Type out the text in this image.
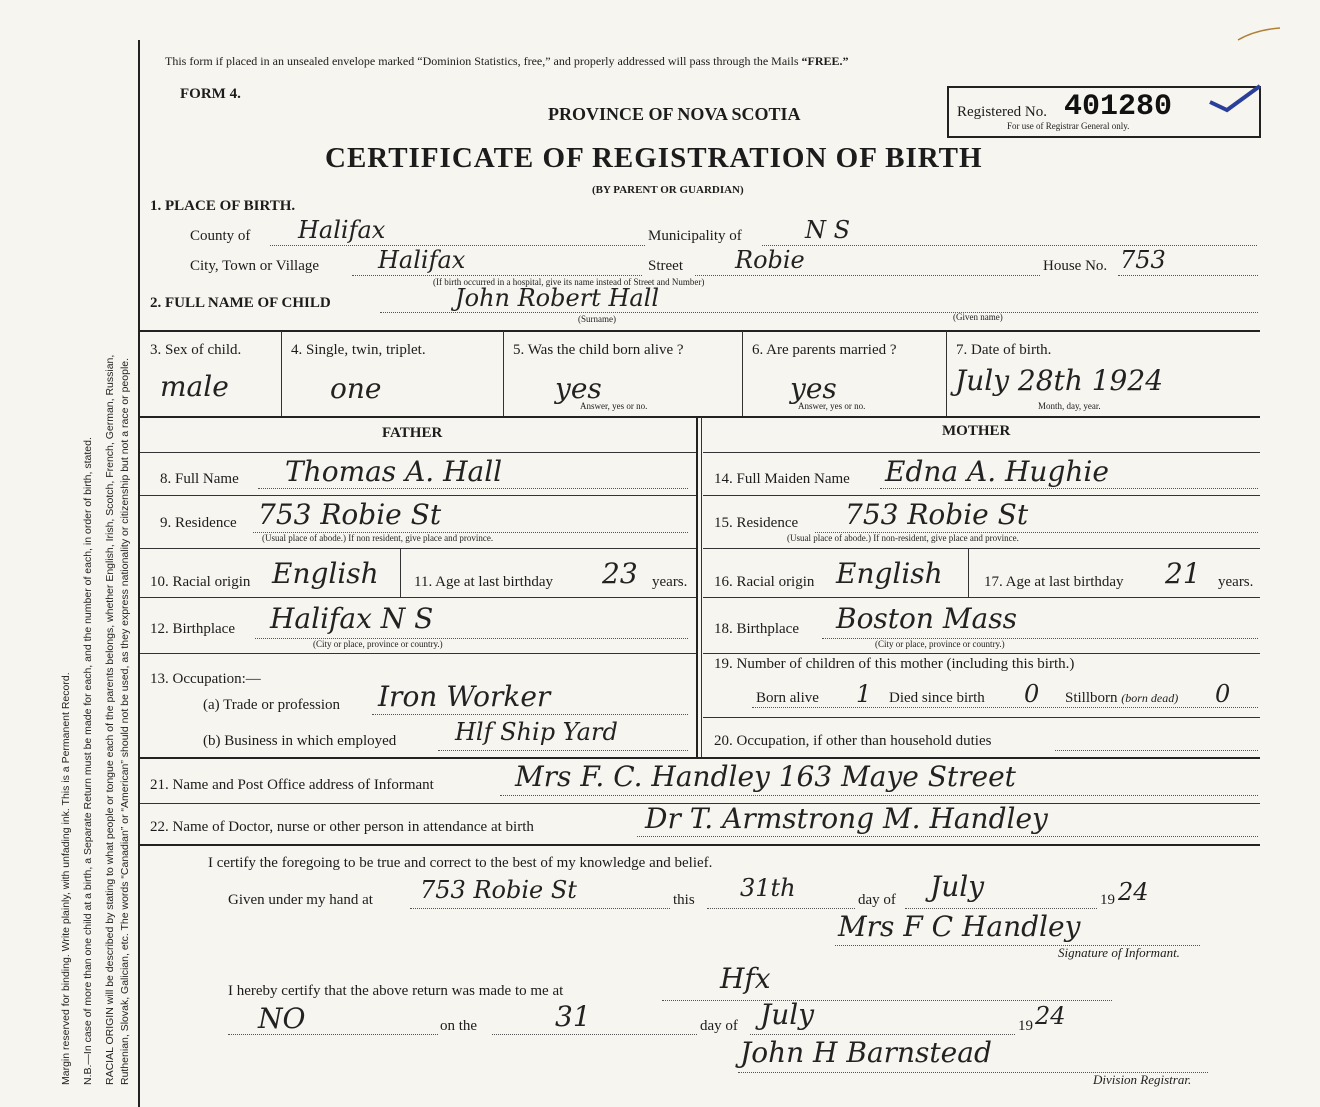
Margin reserved for binding. Write plainly, with unfading ink. This is a Permanent Record. N.B.—In case of more than one child at a birth, a Separate Return must be made for each, and the number of each, in order of birth, stated. RACIAL ORIGIN will be described by stating to what people or tongue each of the parents belongs, whether English, Irish, Scotch, French, German, Russian, Ruthenian, Slovak, Galician, etc. The words “Canadian” or “American” should not be used, as they express nationality or citizenship but not a race or people.
This form if placed in an unsealed envelope marked “Dominion Statistics, free,” and properly addressed will pass through the Mails “FREE.”
FORM 4.
PROVINCE OF NOVA SCOTIA	Registered No. 401280
For use of Registrar General only.
CERTIFICATE OF REGISTRATION OF BIRTH
(BY PARENT OR GUARDIAN)
1. PLACE OF BIRTH.
County of Halifax	Municipality of	N S
City, Town or Village Halifax
(If birth occurred in a hospital, give its name instead of Street and Number)
Street Robie	House No. 753
2. FULL NAME OF CHILD	John Robert Hall
(Surname)	(Given name)
3. Sex of child.
male
4. Single, twin, triplet.
one
5. Was the child born alive ?
yes
Answer, yes or no.
6. Are parents married ?
yes
Answer, yes or no.
7. Date of birth.
July 28th 1924
Month, day, year.
FATHER	MOTHER
8. Full Name Thomas A. Hall
9. Residence 753 Robie St
(Usual place of abode.) If non resident, give place and province.
10. Racial origin English 11. Age at last birthday 23 years.
12. Birthplace Halifax N S
(City or place, province or country.)
13. Occupation:—
(a) Trade or profession Iron Worker
(b) Business in which employed Hlf Ship Yard
14. Full Maiden Name Edna A. Hughie
15. Residence 753 Robie St
(Usual place of abode.) If non-resident, give place and province.
16. Racial origin English	17. Age at last birthday 21 years.
18. Birthplace Boston Mass
(City or place, province or country.)
19. Number of children of this mother (including this birth.)
Born alive 1 Died since birth 0 Stillborn (born dead) 0
20. Occupation, if other than household duties
21. Name and Post Office address of Informant	Mrs F. C. Handley 163 Maye Street
22. Name of Doctor, nurse or other person in attendance at birth	Dr T. Armstrong M. Handley
I certify the foregoing to be true and correct to the best of my knowledge and belief.
Given under my hand at 753 Robie St	this 31th	day of July	19 24
Mrs F C Handley
Signature of Informant.
I hereby certify that the above return was made to me at	Hfx
NO	on the	31	day of July	19 24
John H Barnstead
Division Registrar.
